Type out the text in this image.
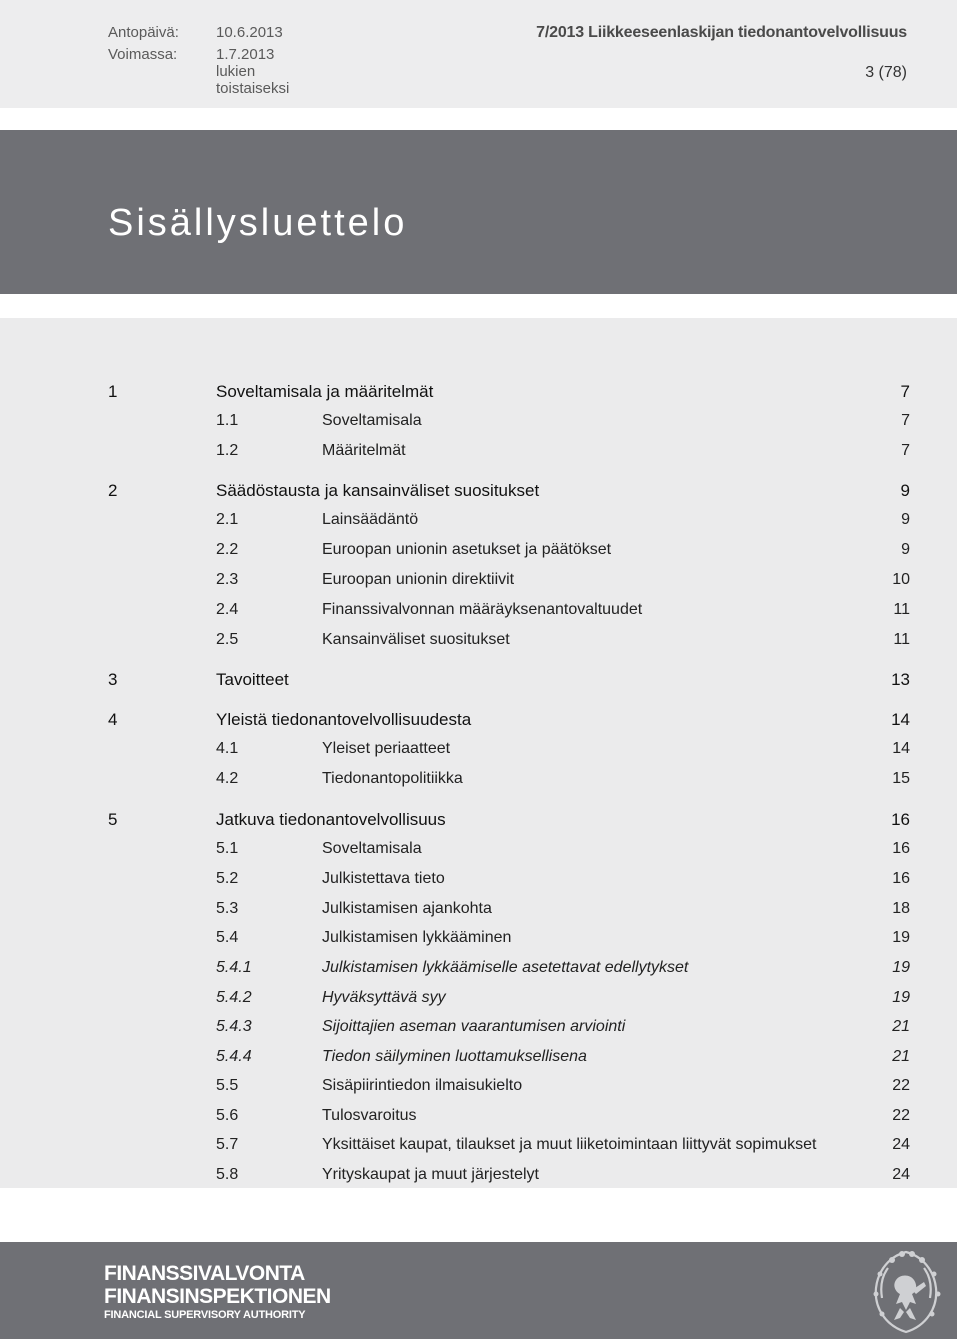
Antopäivä: 10.6.2013
Voimassa:	1.7.2013 lukien toistaiseksi
7/2013 Liikkeeseenlaskijan tiedonantovelvollisuus
3 (78)
Sisällysluettelo
1	Soveltamisala ja määritelmät	7
1.1	Soveltamisala	7
1.2	Määritelmät	7
2	Säädöstausta ja kansainväliset suositukset	9
2.1	Lainsäädäntö	9
2.2	Euroopan unionin asetukset ja päätökset	9
2.3	Euroopan unionin direktiivit	10
2.4	Finanssivalvonnan määräyksenantovaltuudet	11
2.5	Kansainväliset suositukset	11
3	Tavoitteet	13
4	Yleistä tiedonantovelvollisuudesta	14
4.1	Yleiset periaatteet	14
4.2	Tiedonantopolitiikka	15
5	Jatkuva tiedonantovelvollisuus	16
5.1	Soveltamisala	16
5.2	Julkistettava tieto	16
5.3	Julkistamisen ajankohta	18
5.4	Julkistamisen lykkääminen	19
5.4.1	Julkistamisen lykkäämiselle asetettavat edellytykset	19
5.4.2	Hyväksyttävä syy	19
5.4.3	Sijoittajien aseman vaarantumisen arviointi	21
5.4.4	Tiedon säilyminen luottamuksellisena	21
5.5	Sisäpiirintiedon ilmaisukielto	22
5.6	Tulosvaroitus	22
5.7	Yksittäiset kaupat, tilaukset ja muut liiketoimintaan liittyvät sopimukset	24
5.8	Yrityskaupat ja muut järjestelyt	24
FINANSSIVALVONTA
FINANSINSPEKTIONEN
FINANCIAL SUPERVISORY AUTHORITY
